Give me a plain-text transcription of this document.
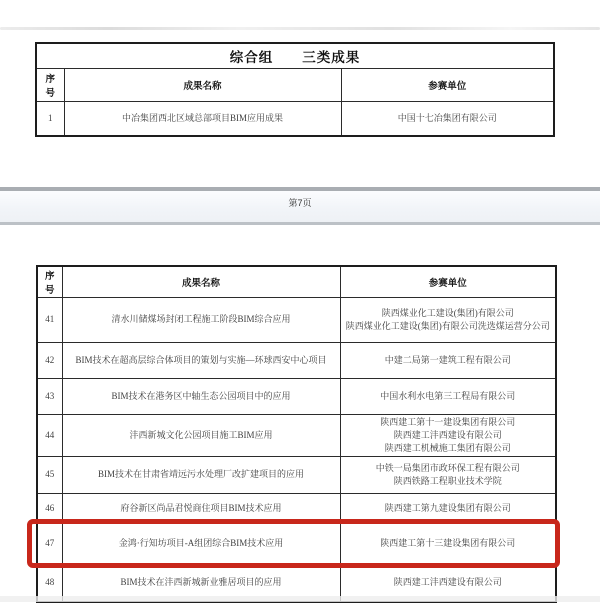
综合组　　三类成果		
序号	成果名称	参赛单位
1	中冶集团西北区域总部项目BIM应用成果	中国十七冶集团有限公司
第7页
序号	成果名称	参赛单位
41	清水川储煤场封闭工程施工阶段BIM综合应用	陕西煤业化工建设(集团)有限公司
陕西煤业化工建设(集团)有限公司洗选煤运营分公司

42	BIM技术在超高层综合体项目的策划与实施—环球西安中心项目	中建二局第一建筑工程有限公司

43	BIM技术在港务区中轴生态公园项目中的应用	中国水利水电第三工程局有限公司

44	沣西新城文化公园项目施工BIM应用	陕西建工第十一建设集团有限公司
陕西建工沣西建设有限公司
陕西建工机械施工集团有限公司

45	BIM技术在甘肃省靖远污水处理厂改扩建项目的应用	中铁一局集团市政环保工程有限公司
陕西铁路工程职业技术学院

46	府谷新区尚品君悦商住项目BIM技术应用	陕西建工第九建设集团有限公司

47	金鸿·行知坊项目-A组团综合BIM技术应用	陕西建工第十三建设集团有限公司

48	BIM技术在沣西新城新业雅居项目的应用	陕西建工沣西建设有限公司
